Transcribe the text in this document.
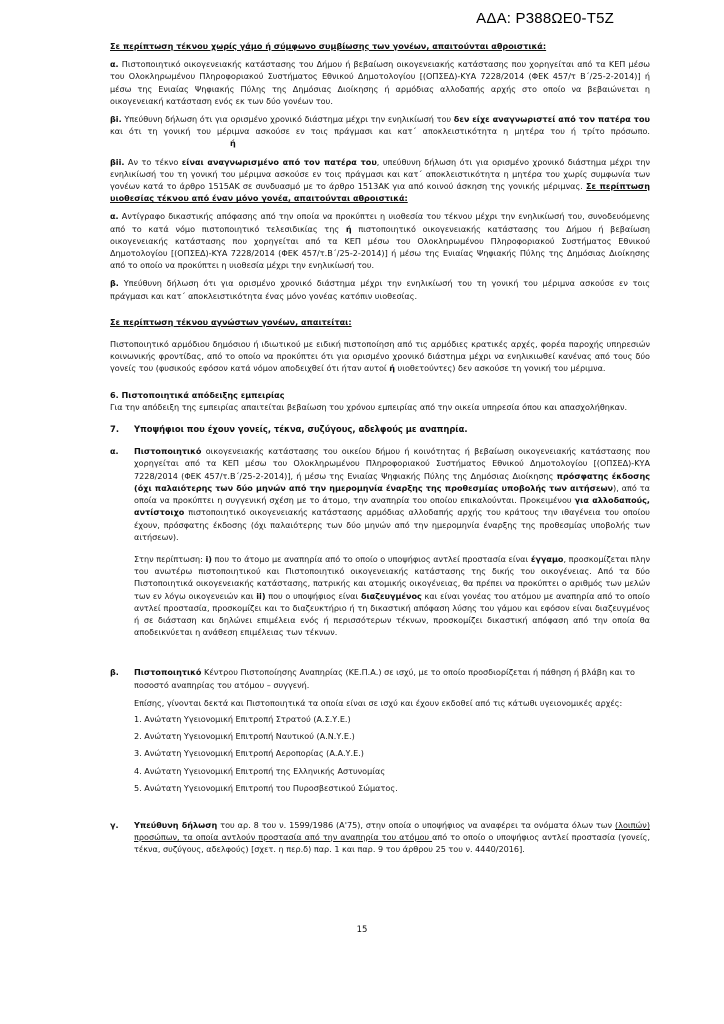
ΑΔΑ: Ρ388ΩΕ0-Τ5Ζ

Σε περίπτωση τέκνου χωρίς γάμο ή σύμφωνο συμβίωσης των γονέων, απαιτούνται αθροιστικά:

α. Πιστοποιητικό οικογενειακής κατάστασης του Δήμου ή βεβαίωση οικογενειακής κατάστασης που χορηγείται από τα ΚΕΠ μέσω του Ολοκληρωμένου Πληροφοριακού Συστήματος Εθνικού Δημοτολογίου [(ΟΠΣΕΔ)-ΚΥΑ 7228/2014 (ΦΕΚ 457/τ Β΄/25-2-2014)] ή μέσω της Ενιαίας Ψηφιακής Πύλης της Δημόσιας Διοίκησης ή αρμόδιας αλλοδαπής αρχής στο οποίο να βεβαιώνεται η οικογενειακή κατάσταση ενός εκ των δύο γονέων του.

βi. Υπεύθυνη δήλωση ότι για ορισμένο χρονικό διάστημα μέχρι την ενηλικίωσή του δεν είχε αναγνωριστεί από τον πατέρα του και ότι τη γονική του μέριμνα ασκούσε εν τοις πράγμασι και κατ΄ αποκλειστικότητα η μητέρα του ή τρίτο πρόσωπο.ή

βii. Αν το τέκνο είναι αναγνωρισμένο από τον πατέρα του, υπεύθυνη δήλωση ότι για ορισμένο χρονικό διάστημα μέχρι την ενηλικίωσή του τη γονική του μέριμνα ασκούσε εν τοις πράγμασι και κατ΄ αποκλειστικότητα η μητέρα του χωρίς συμφωνία των γονέων κατά το άρθρο 1515ΑΚ σε συνδυασμό με το άρθρο 1513ΑΚ για από κοινού άσκηση της γονικής μέριμνας. Σε περίπτωση υιοθεσίας τέκνου από έναν μόνο γονέα, απαιτούνται αθροιστικά:

α. Αντίγραφο δικαστικής απόφασης από την οποία να προκύπτει η υιοθεσία του τέκνου μέχρι την ενηλικίωσή του, συνοδευόμενης από το κατά νόμο πιστοποιητικό τελεσιδικίας της ή πιστοποιητικό οικογενειακής κατάστασης του Δήμου ή βεβαίωση οικογενειακής κατάστασης που χορηγείται από τα ΚΕΠ μέσω του Ολοκληρωμένου Πληροφοριακού Συστήματος Εθνικού Δημοτολογίου [(ΟΠΣΕΔ)-ΚΥΑ 7228/2014 (ΦΕΚ 457/τ.Β΄/25-2-2014)] ή μέσω της Ενιαίας Ψηφιακής Πύλης της Δημόσιας Διοίκησης από το οποίο να προκύπτει η υιοθεσία μέχρι την ενηλικίωσή του.

β. Υπεύθυνη δήλωση ότι για ορισμένο χρονικό διάστημα μέχρι την ενηλικίωσή του τη γονική του μέριμνα ασκούσε εν τοις πράγμασι και κατ΄ αποκλειστικότητα ένας μόνο γονέας κατόπιν υιοθεσίας.

Σε περίπτωση τέκνου αγνώστων γονέων, απαιτείται:

Πιστοποιητικό αρμόδιου δημόσιου ή ιδιωτικού με ειδική πιστοποίηση από τις αρμόδιες κρατικές αρχές, φορέα παροχής υπηρεσιών κοινωνικής φροντίδας, από το οποίο να προκύπτει ότι για ορισμένο χρονικό διάστημα μέχρι να ενηλικιωθεί κανένας από τους δύο γονείς του (φυσικούς εφόσον κατά νόμον αποδειχθεί ότι ήταν αυτοί ή υιοθετούντες) δεν ασκούσε τη γονική του μέριμνα.

6. Πιστοποιητικά απόδειξης εμπειρίας

Για την απόδειξη της εμπειρίας απαιτείται βεβαίωση του χρόνου εμπειρίας από την οικεία υπηρεσία όπου και απασχολήθηκαν.

7.	Υποψήφιοι που έχουν γονείς, τέκνα, συζύγους, αδελφούς με αναπηρία.
α.	Πιστοποιητικό οικογενειακής κατάστασης του οικείου δήμου ή κοινότητας ή βεβαίωση οικογενειακής κατάστασης που χορηγείται από τα ΚΕΠ μέσω του Ολοκληρωμένου Πληροφοριακού Συστήματος Εθνικού Δημοτολογίου [(ΟΠΣΕΔ)-ΚΥΑ 7228/2014 (ΦΕΚ 457/τ.Β΄/25-2-2014)], ή μέσω της Ενιαίας Ψηφιακής Πύλης της Δημόσιας Διοίκησης πρόσφατης έκδοσης (όχι παλαιότερης των δύο μηνών από την ημερομηνία έναρξης της προθεσμίας υποβολής των αιτήσεων), από τα οποία να προκύπτει η συγγενική σχέση με το άτομο, την αναπηρία του οποίου επικαλούνται. Προκειμένου για αλλοδαπούς, αντίστοιχο πιστοποιητικό οικογενειακής κατάστασης αρμόδιας αλλοδαπής αρχής του κράτους την ιθαγένεια του οποίου έχουν, πρόσφατης έκδοσης (όχι παλαιότερης των δύο μηνών από την ημερομηνία έναρξης της προθεσμίας υποβολής των αιτήσεων).

Στην περίπτωση: i) που το άτομο με αναπηρία από το οποίο ο υποψήφιος αντλεί προστασία είναι έγγαμο, προσκομίζεται πλην του ανωτέρω πιστοποιητικού και Πιστοποιητικό οικογενειακής κατάστασης της δικής του οικογένειας. Από τα δύο Πιστοποιητικά οικογενειακής κατάστασης, πατρικής και ατομικής οικογένειας, θα πρέπει να προκύπτει ο αριθμός των μελών των εν λόγω οικογενειών και ii) που ο υποψήφιος είναι διαζευγμένος και είναι γονέας του ατόμου με αναπηρία από το οποίο αντλεί προστασία, προσκομίζει και το διαζευκτήριο ή τη δικαστική απόφαση λύσης του γάμου και εφόσον είναι διαζευγμένος ή σε διάσταση και δηλώνει επιμέλεια ενός ή περισσότερων τέκνων, προσκομίζει δικαστική απόφαση από την οποία θα αποδεικνύεται η ανάθεση επιμέλειας των τέκνων.

β.	Πιστοποιητικό Κέντρου Πιστοποίησης Αναπηρίας (ΚΕ.Π.Α.) σε ισχύ, με το οποίο προσδιορίζεται ή πάθηση ή βλάβη και το ποσοστό αναπηρίας του ατόμου – συγγενή.

Επίσης, γίνονται δεκτά και Πιστοποιητικά τα οποία είναι σε ισχύ και έχουν εκδοθεί από τις κάτωθι υγειονομικές αρχές:

1. Ανώτατη Υγειονομική Επιτροπή Στρατού (Α.Σ.Υ.Ε.)

2. Ανώτατη Υγειονομική Επιτροπή Ναυτικού (Α.Ν.Υ.Ε.)

3. Ανώτατη Υγειονομική Επιτροπή Αεροπορίας (Α.Α.Υ.Ε.)

4. Ανώτατη Υγειονομική Επιτροπή της Ελληνικής Αστυνομίας

5. Ανώτατη Υγειονομική Επιτροπή του Πυροσβεστικού Σώματος.

γ.	Υπεύθυνη δήλωση του αρ. 8 του ν. 1599/1986 (Α'75), στην οποία ο υποψήφιος να αναφέρει τα ονόματα όλων των (λοιπών) προσώπων, τα οποία αντλούν προστασία από την αναπηρία του ατόμου από το οποίο ο υποψήφιος αντλεί προστασία (γονείς, τέκνα, συζύγους, αδελφούς) [σχετ. η περ.δ) παρ. 1 και παρ. 9 του άρθρου 25 του ν. 4440/2016].

15
